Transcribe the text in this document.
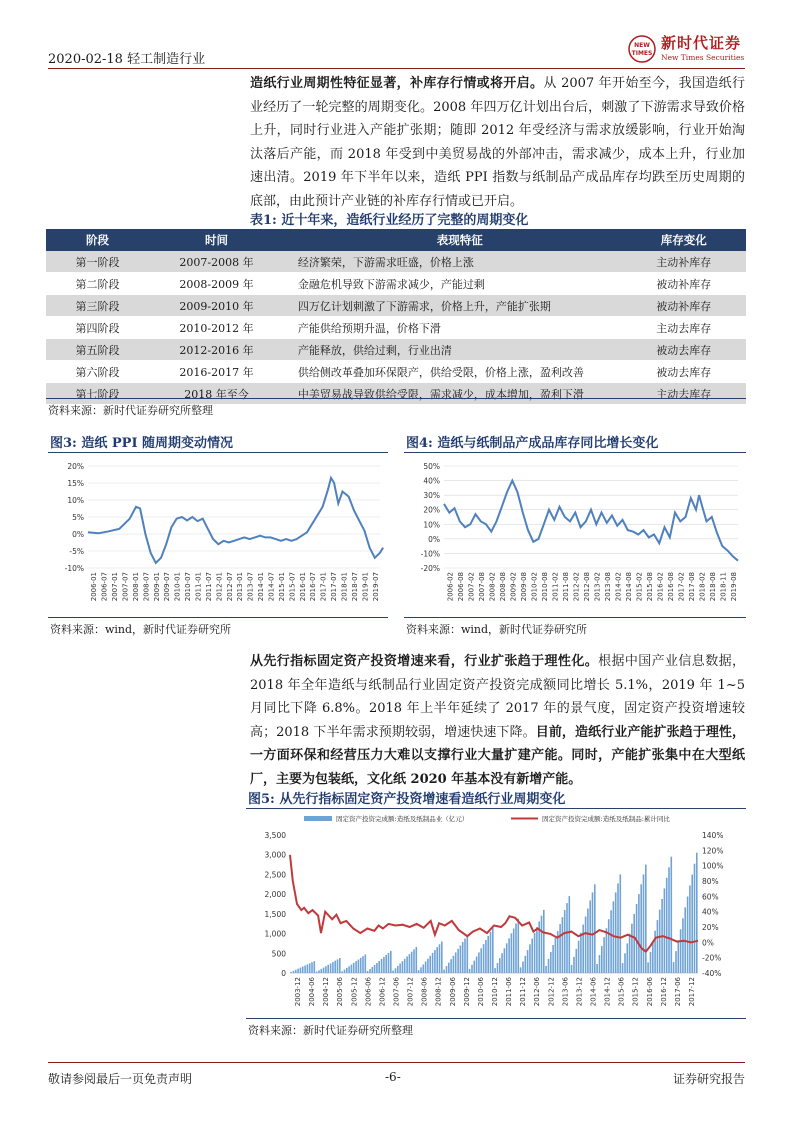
2020-02-18 轻工制造行业
NEW
TIMES
新时代证券
New Times Securities
造纸行业周期性特征显著，补库存行情或将开启。从 2007 年开始至今，我国造纸行业经历了一轮完整的周期变化。2008 年四万亿计划出台后，刺激了下游需求导致价格上升，同时行业进入产能扩张期；随即 2012 年受经济与需求放缓影响，行业开始淘汰落后产能，而 2018 年受到中美贸易战的外部冲击，需求减少，成本上升，行业加速出清。2019 年下半年以来，造纸 PPI 指数与纸制品产成品库存均跌至历史周期的底部，由此预计产业链的补库存行情或已开启。
表1: 近十年来，造纸行业经历了完整的周期变化
阶段	时间	表现特征	库存变化
第一阶段	2007-2008 年	经济繁荣，下游需求旺盛，价格上涨	主动补库存
第二阶段	2008-2009 年	金融危机导致下游需求减少，产能过剩	被动补库存
第三阶段	2009-2010 年	四万亿计划刺激了下游需求，价格上升，产能扩张期	被动补库存
第四阶段	2010-2012 年	产能供给预期升温，价格下滑	主动去库存
第五阶段	2012-2016 年	产能释放，供给过剩，行业出清	被动去库存
第六阶段	2016-2017 年	供给侧改革叠加环保限产，供给受限，价格上涨，盈利改善	被动去库存
第七阶段	2018 年至今	中美贸易战导致供给受限，需求减少，成本增加，盈利下滑	主动去库存
资料来源：新时代证券研究所整理
图3: 造纸 PPI 随周期变动情况
20%
15%
10%
5%
0%
-5%
-10%
2006-01 2006-07 2007-01 2007-07 2008-01 2008-07 2009-01 2009-07 2010-01 2010-07 2011-01 2011-07 2012-01 2012-07 2013-01 2013-07 2014-01 2014-07 2015-01 2015-07 2016-01 2016-07 2017-01 2017-07 2018-01 2018-07 2019-01 2019-07
资料来源：wind，新时代证券研究所
图4: 造纸与纸制品产成品库存同比增长变化
50%
40%
30%
20%
10%
0%
-10%
-20%
2006-02 2006-08 2007-02 2007-08 2008-02 2008-08 2009-02 2009-08 2010-02 2010-08 2011-02 2011-08 2012-02 2012-08 2013-02 2013-08 2014-02 2014-08 2015-02 2015-08 2016-02 2016-08 2017-02 2017-08 2018-02 2018-08 2018-11 2019-08
资料来源：wind，新时代证券研究所
从先行指标固定资产投资增速来看，行业扩张趋于理性化。根据中国产业信息数据，2018 年全年造纸与纸制品行业固定资产投资完成额同比增长 5.1%，2019 年 1~5 月同比下降 6.8%。2018 年上半年延续了 2017 年的景气度，固定资产投资增速较高；2018 下半年需求预期较弱，增速快速下降。目前，造纸行业产能扩张趋于理性，一方面环保和经营压力大难以支撑行业大量扩建产能。同时，产能扩张集中在大型纸厂，主要为包装纸，文化纸 2020 年基本没有新增产能。
图5: 从先行指标固定资产投资增速看造纸行业周期变化
固定资产投资完成额:造纸及纸制品业（亿元）	固定资产投资完成额:造纸及纸制品:累计同比
3,500
3,000
2,500
2,000
1,500
1,000
500
0
140%
120%
100%
80%
60%
40%
20%
0%
-20%
-40%
2003-12 2004-06 2004-12 2005-06 2005-12 2006-06 2006-12 2007-06 2007-12 2008-06 2008-12 2009-06 2009-12 2010-06 2010-12 2011-06 2011-12 2012-06 2012-12 2013-06 2013-12 2014-06 2014-12 2015-06 2015-12 2016-06 2016-12 2017-06 2017-12
资料来源：新时代证券研究所整理
敬请参阅最后一页免责声明	-6-	证券研究报告
